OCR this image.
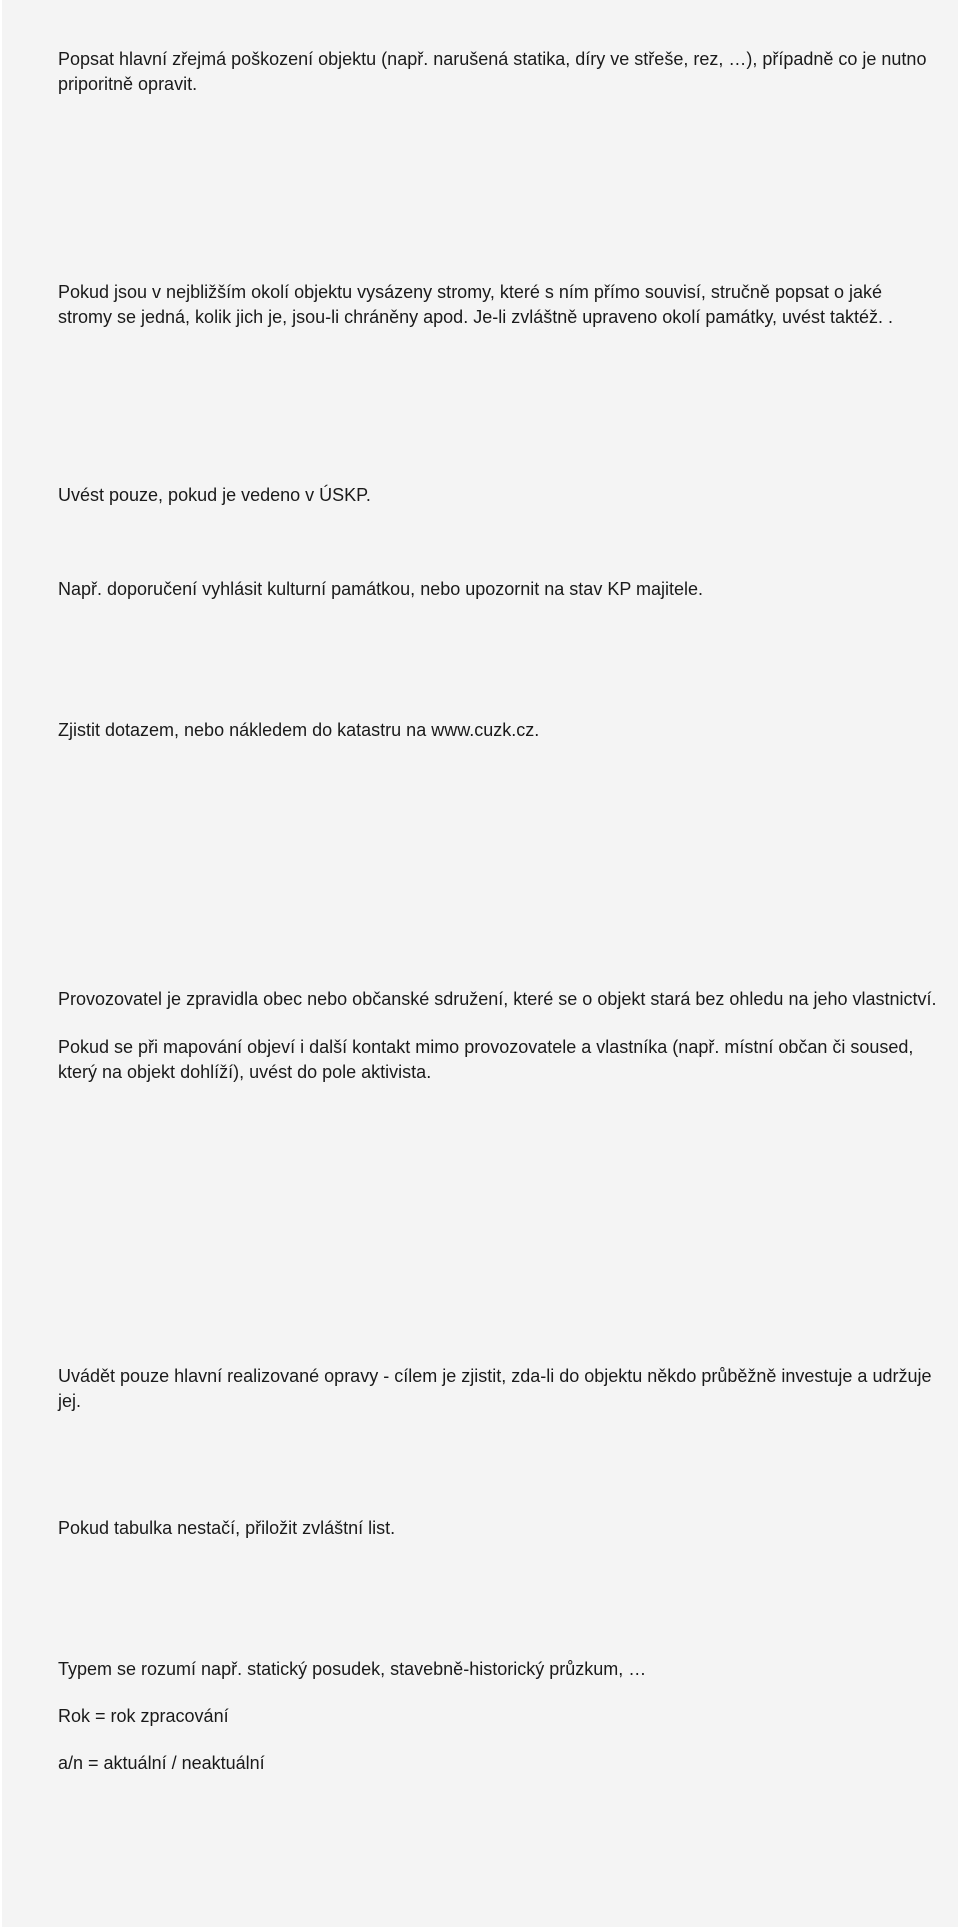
Popsat hlavní zřejmá poškození objektu (např. narušená statika, díry ve střeše, rez, …), případně co je nutno priporitně opravit.

Pokud jsou v nejbližším okolí objektu vysázeny stromy, které s ním přímo souvisí, stručně popsat o jaké stromy se jedná, kolik jich je, jsou-li chráněny apod. Je-li zvláštně upraveno okolí památky, uvést taktéž. .

Uvést pouze, pokud je vedeno v ÚSKP.

Např. doporučení vyhlásit kulturní památkou, nebo upozornit na stav KP majitele.

Zjistit dotazem, nebo nákledem do katastru na www.cuzk.cz.

Provozovatel je zpravidla obec nebo občanské sdružení, které se o objekt stará bez ohledu na jeho vlastnictví.

Pokud se při mapování objeví i další kontakt mimo provozovatele a vlastníka (např. místní občan či soused, který na objekt dohlíží), uvést do pole aktivista.

Uvádět pouze hlavní realizované opravy - cílem je zjistit, zda-li do objektu někdo průběžně investuje a udržuje jej.

Pokud tabulka nestačí, přiložit zvláštní list.

Typem se rozumí např. statický posudek, stavebně-historický průzkum, …

Rok = rok zpracování

a/n = aktuální / neaktuální
